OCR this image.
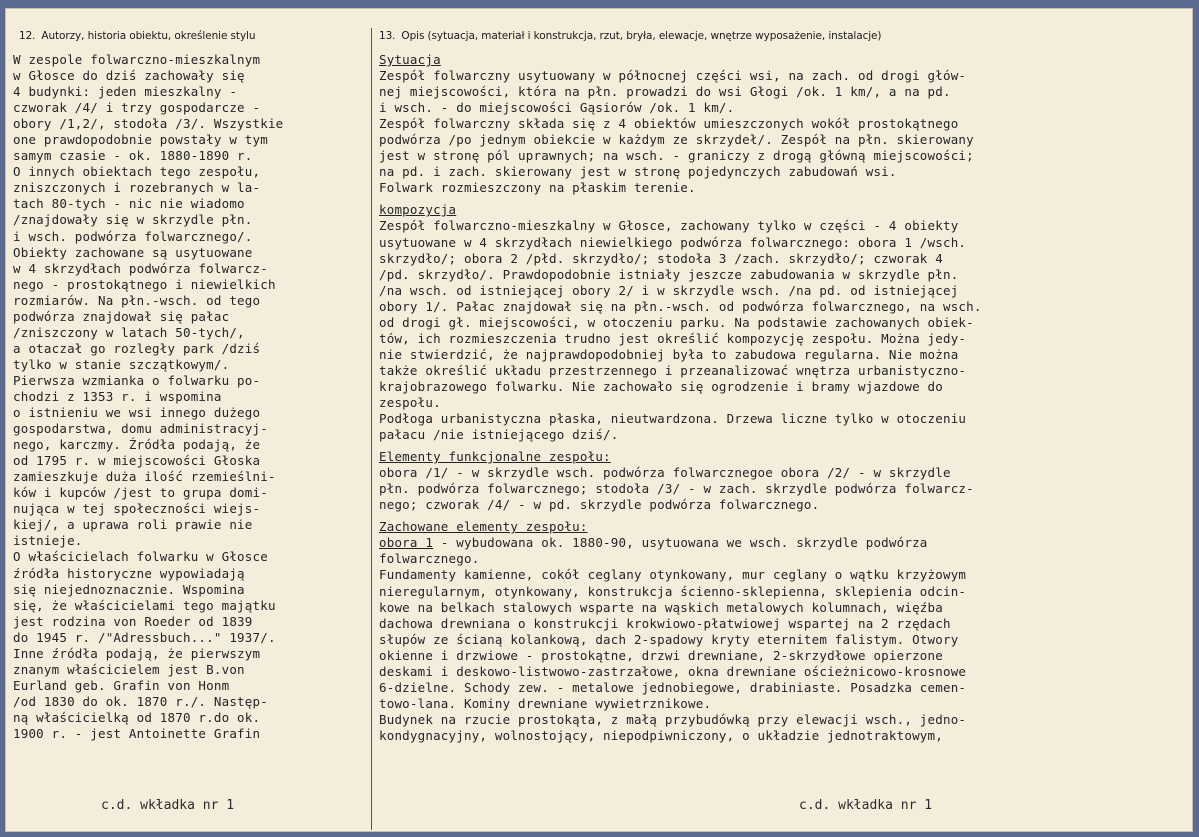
12. Autorzy, historia obiektu, określenie stylu
W zespole folwarczno-mieszkalnym
w Głosce do dziś zachowały się
4 budynki: jeden mieszkalny -
czworak /4/ i trzy gospodarcze -
obory /1,2/, stodoła /3/. Wszystkie
one prawdopodobnie powstały w tym
samym czasie - ok. 1880-1890 r.
O innych obiektach tego zespołu,
zniszczonych i rozebranych w la-
tach 80-tych - nic nie wiadomo
/znajdowały się w skrzydle płn.
i wsch. podwórza folwarcznego/.
Obiekty zachowane są usytuowane
w 4 skrzydłach podwórza folwarcz-
nego - prostokątnego i niewielkich
rozmiarów. Na płn.-wsch. od tego
podwórza znajdował się pałac
/zniszczony w latach 50-tych/,
a otaczał go rozległy park /dziś
tylko w stanie szczątkowym/.
Pierwsza wzmianka o folwarku po-
chodzi z 1353 r. i wspomina
o istnieniu we wsi innego dużego
gospodarstwa, domu administracyj-
nego, karczmy. Źródła podają, że
od 1795 r. w miejscowości Głoska
zamieszkuje duża ilość rzemieślni-
ków i kupców /jest to grupa domi-
nująca w tej społeczności wiejs-
kiej/, a uprawa roli prawie nie
istnieje.
O właścicielach folwarku w Głosce
źródła historyczne wypowiadają
się niejednoznacznie. Wspomina
się, że właścicielami tego majątku
jest rodzina von Roeder od 1839
do 1945 r. /"Adressbuch..." 1937/.
Inne źródła podają, że pierwszym
znanym właścicielem jest B.von
Eurland geb. Grafin von Honm
/od 1830 do ok. 1870 r./. Następ-
ną właścicielką od 1870 r.do ok.
1900 r. - jest Antoinette Grafin
c.d. wkładka nr 1
13. Opis (sytuacja, materiał i konstrukcja, rzut, bryła, elewacje, wnętrze wyposażenie, instalacje)
Sytuacja
Zespół folwarczny usytuowany w północnej części wsi, na zach. od drogi głów-
nej miejscowości, która na płn. prowadzi do wsi Głogi /ok. 1 km/, a na pd.
i wsch. - do miejscowości Gąsiorów /ok. 1 km/.
Zespół folwarczny składa się z 4 obiektów umieszczonych wokół prostokątnego
podwórza /po jednym obiekcie w każdym ze skrzydeł/. Zespół na płn. skierowany
jest w stronę pól uprawnych; na wsch. - graniczy z drogą główną miejscowości;
na pd. i zach. skierowany jest w stronę pojedynczych zabudowań wsi.
Folwark rozmieszczony na płaskim terenie.
kompozycja
Zespół folwarczno-mieszkalny w Głosce, zachowany tylko w części - 4 obiekty
usytuowane w 4 skrzydłach niewielkiego podwórza folwarcznego: obora 1 /wsch.
skrzydło/; obora 2 /płd. skrzydło/; stodoła 3 /zach. skrzydło/; czworak 4
/pd. skrzydło/. Prawdopodobnie istniały jeszcze zabudowania w skrzydle płn.
/na wsch. od istniejącej obory 2/ i w skrzydle wsch. /na pd. od istniejącej
obory 1/. Pałac znajdował się na płn.-wsch. od podwórza folwarcznego, na wsch.
od drogi gł. miejscowości, w otoczeniu parku. Na podstawie zachowanych obiek-
tów, ich rozmieszczenia trudno jest określić kompozycję zespołu. Można jedy-
nie stwierdzić, że najprawdopodobniej była to zabudowa regularna. Nie można
także określić układu przestrzennego i przeanalizować wnętrza urbanistyczno-
krajobrazowego folwarku. Nie zachowało się ogrodzenie i bramy wjazdowe do
zespołu.
Podłoga urbanistyczna płaska, nieutwardzona. Drzewa liczne tylko w otoczeniu
pałacu /nie istniejącego dziś/.
Elementy funkcjonalne zespołu:
obora /1/ - w skrzydle wsch. podwórza folwarcznegoe obora /2/ - w skrzydle
płn. podwórza folwarcznego; stodoła /3/ - w zach. skrzydle podwórza folwarcz-
nego; czworak /4/ - w pd. skrzydle podwórza folwarcznego.
Zachowane elementy zespołu:
obora 1 - wybudowana ok. 1880-90, usytuowana we wsch. skrzydle podwórza
folwarcznego.
Fundamenty kamienne, cokół ceglany otynkowany, mur ceglany o wątku krzyżowym
nieregularnym, otynkowany, konstrukcja ścienno-sklepienna, sklepienia odcin-
kowe na belkach stalowych wsparte na wąskich metalowych kolumnach, więźba
dachowa drewniana o konstrukcji krokwiowo-płatwiowej wspartej na 2 rzędach
słupów ze ścianą kolankową, dach 2-spadowy kryty eternitem falistym. Otwory
okienne i drzwiowe - prostokątne, drzwi drewniane, 2-skrzydłowe opierzone
deskami i deskowo-listwowo-zastrzałowe, okna drewniane ościeżnicowo-krosnowe
6-dzielne. Schody zew. - metalowe jednobiegowe, drabiniaste. Posadzka cemen-
towo-lana. Kominy drewniane wywietrznikowe.
Budynek na rzucie prostokąta, z małą przybudówką przy elewacji wsch., jedno-
kondygnacyjny, wolnostojący, niepodpiwniczony, o układzie jednotraktowym,
c.d. wkładka nr 1
